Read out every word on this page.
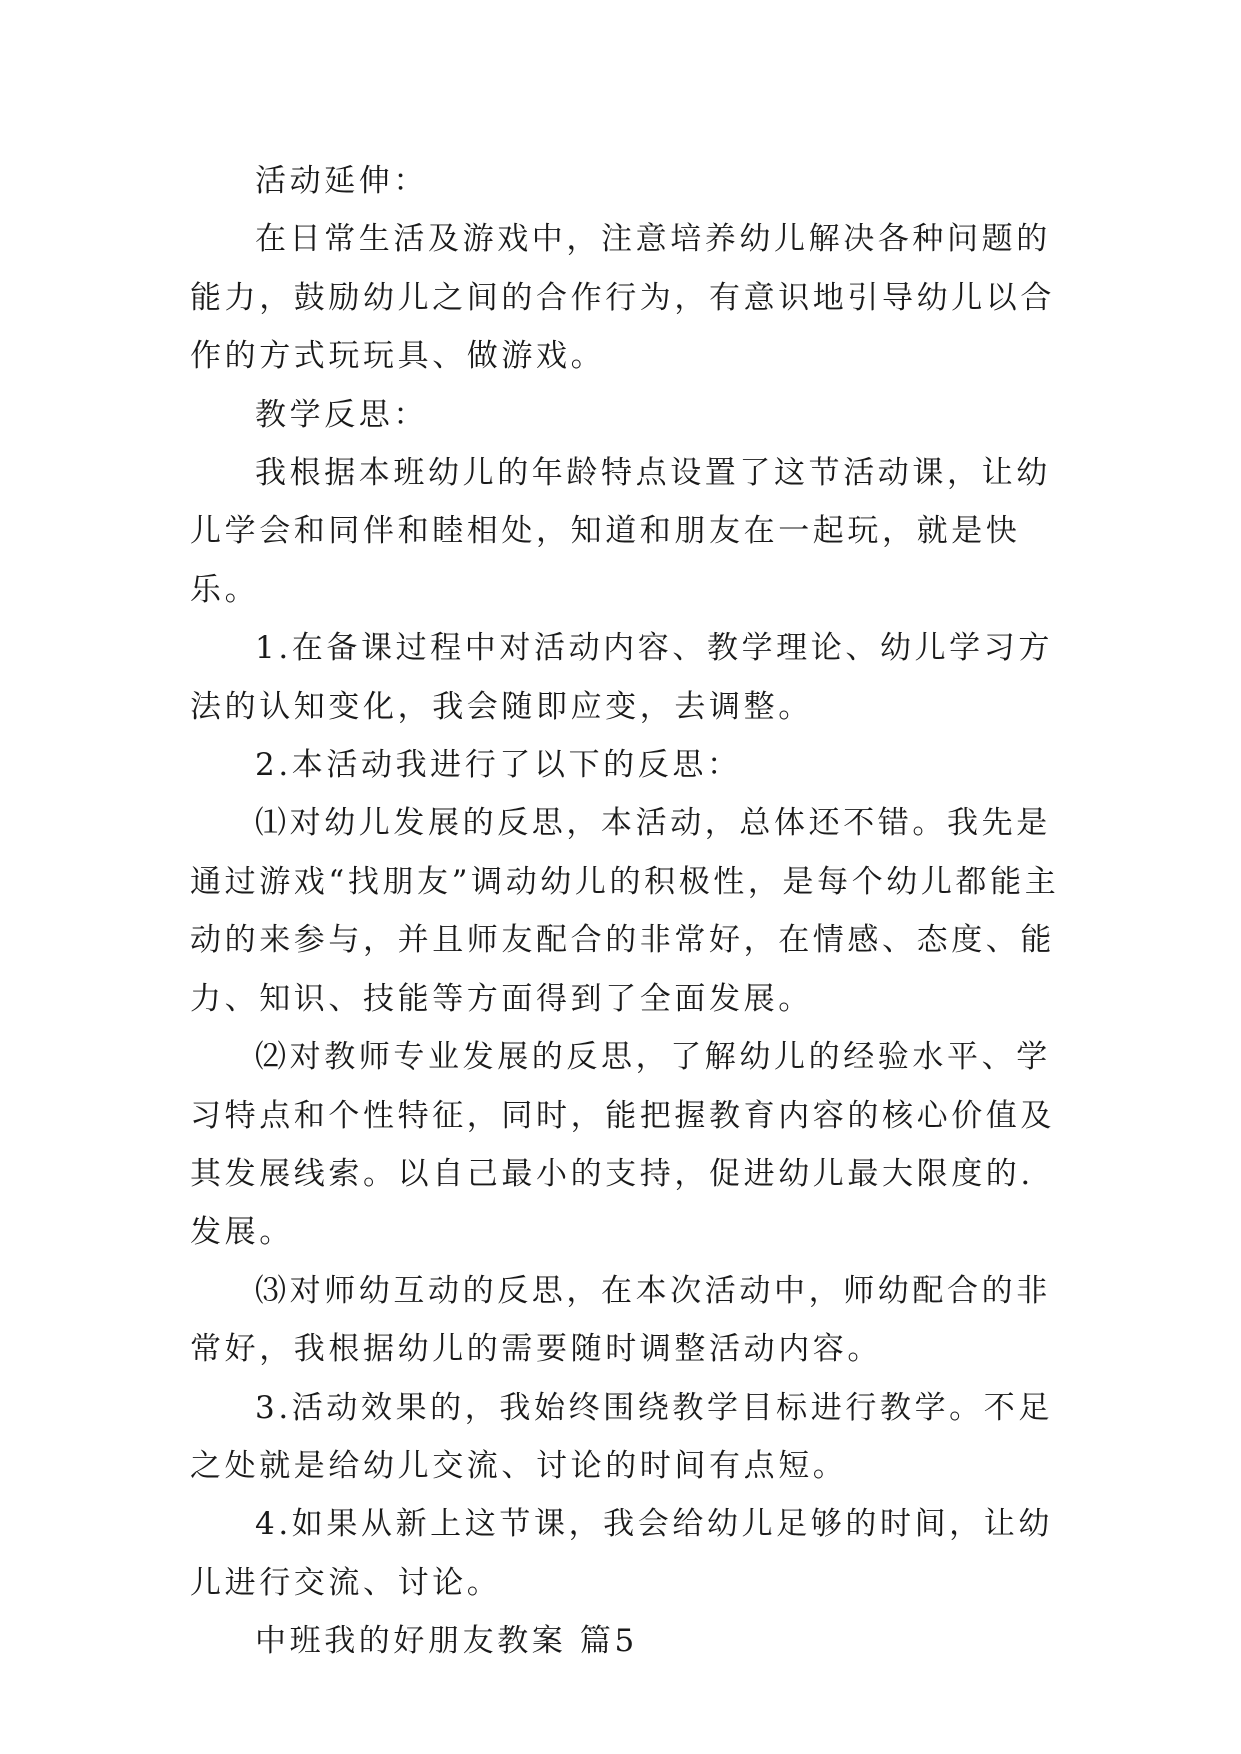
活动延伸：

在日常生活及游戏中，注意培养幼儿解决各种问题的能力，鼓励幼儿之间的合作行为，有意识地引导幼儿以合作的方式玩玩具、做游戏。

教学反思：

我根据本班幼儿的年龄特点设置了这节活动课，让幼儿学会和同伴和睦相处，知道和朋友在一起玩，就是快乐。

1.在备课过程中对活动内容、教学理论、幼儿学习方法的认知变化，我会随即应变，去调整。

2.本活动我进行了以下的反思：

⑴对幼儿发展的反思，本活动，总体还不错。我先是通过游戏“找朋友”调动幼儿的积极性，是每个幼儿都能主动的来参与，并且师友配合的非常好，在情感、态度、能力、知识、技能等方面得到了全面发展。

⑵对教师专业发展的反思，了解幼儿的经验水平、学习特点和个性特征，同时，能把握教育内容的核心价值及其发展线索。以自己最小的支持，促进幼儿最大限度的.发展。

⑶对师幼互动的反思，在本次活动中，师幼配合的非常好，我根据幼儿的需要随时调整活动内容。

3.活动效果的，我始终围绕教学目标进行教学。不足之处就是给幼儿交流、讨论的时间有点短。

4.如果从新上这节课，我会给幼儿足够的时间，让幼儿进行交流、讨论。

中班我的好朋友教案 篇5
